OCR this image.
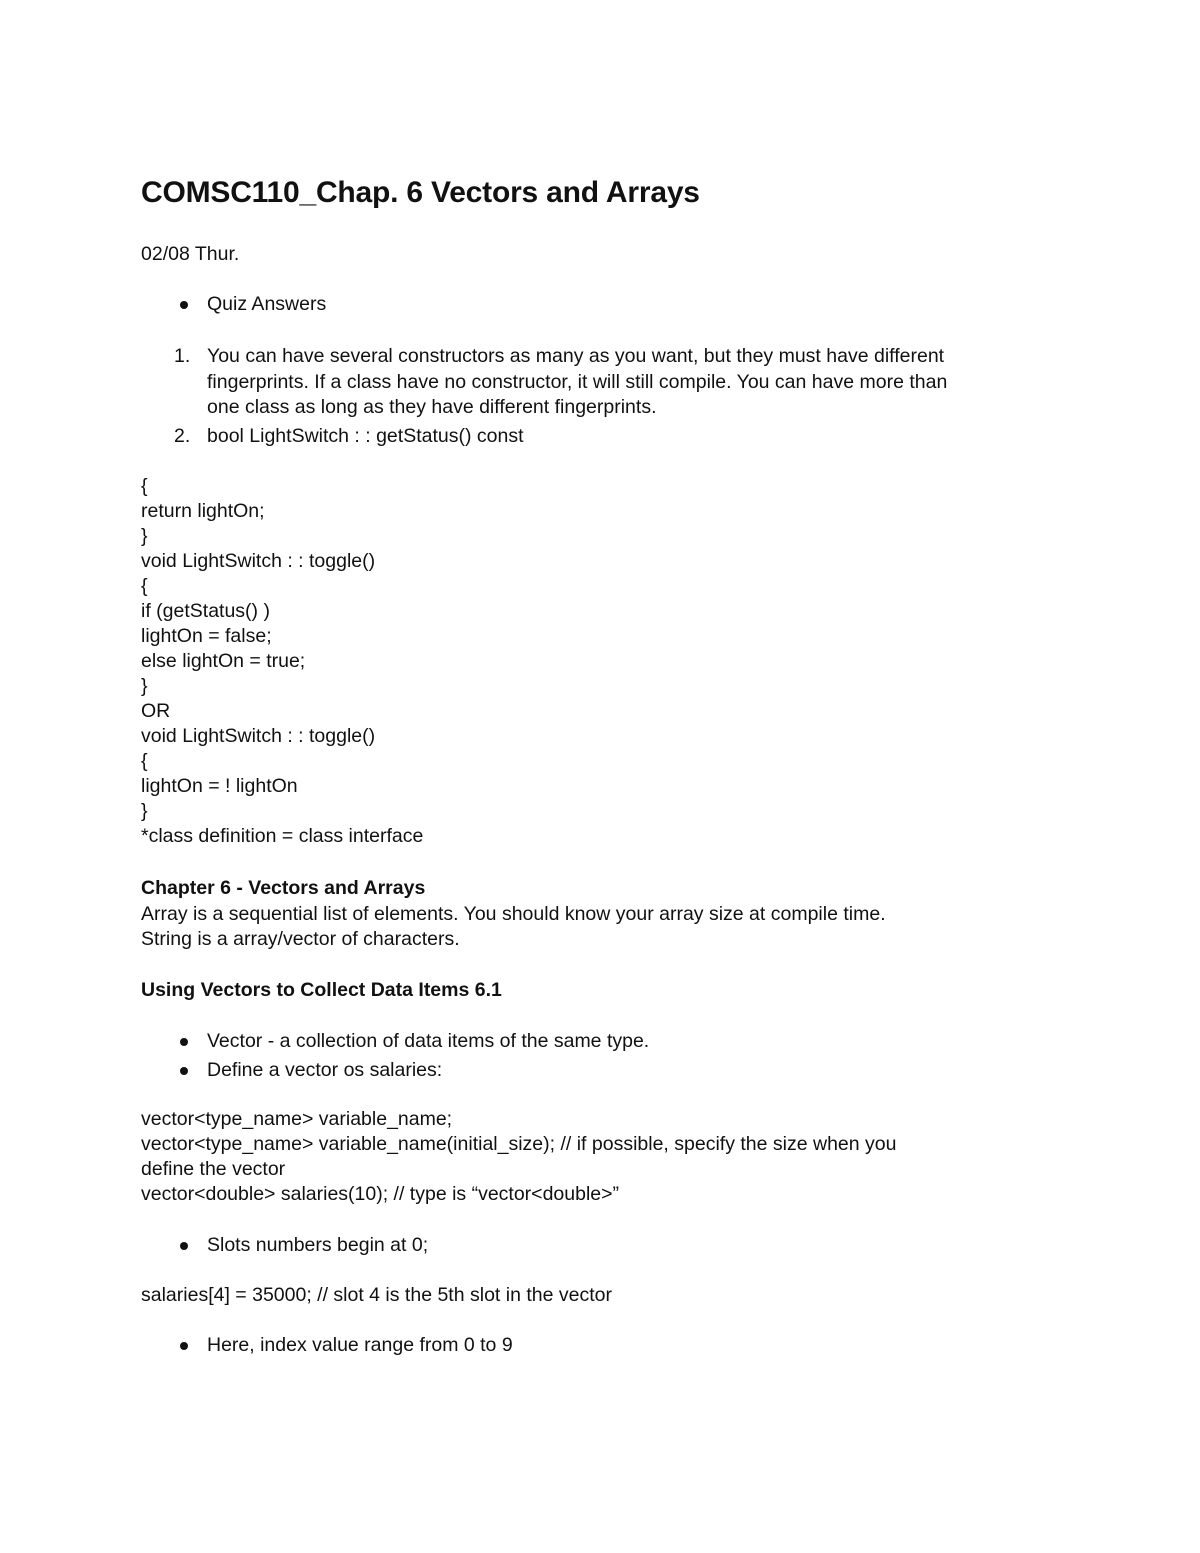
COMSC110_Chap. 6 Vectors and Arrays

02/08 Thur.

Quiz Answers

1. You can have several constructors as many as you want, but they must have different

fingerprints. If a class have no constructor, it will still compile. You can have more than

one class as long as they have different fingerprints.

2. bool LightSwitch : : getStatus() const

{

return lightOn;

}

void LightSwitch : : toggle()

{

if (getStatus() )

lightOn = false;

else lightOn = true;

}

OR

void LightSwitch : : toggle()

{

lightOn = ! lightOn

}

*class definition = class interface

Chapter 6 - Vectors and Arrays

Array is a sequential list of elements. You should know your array size at compile time.

String is a array/vector of characters.

Using Vectors to Collect Data Items 6.1

Vector - a collection of data items of the same type.

Define a vector os salaries:

vector<type_name> variable_name;

vector<type_name> variable_name(initial_size); // if possible, specify the size when you

define the vector

vector<double> salaries(10); // type is “vector<double>”

Slots numbers begin at 0;

salaries[4] = 35000; // slot 4 is the 5th slot in the vector

Here, index value range from 0 to 9
